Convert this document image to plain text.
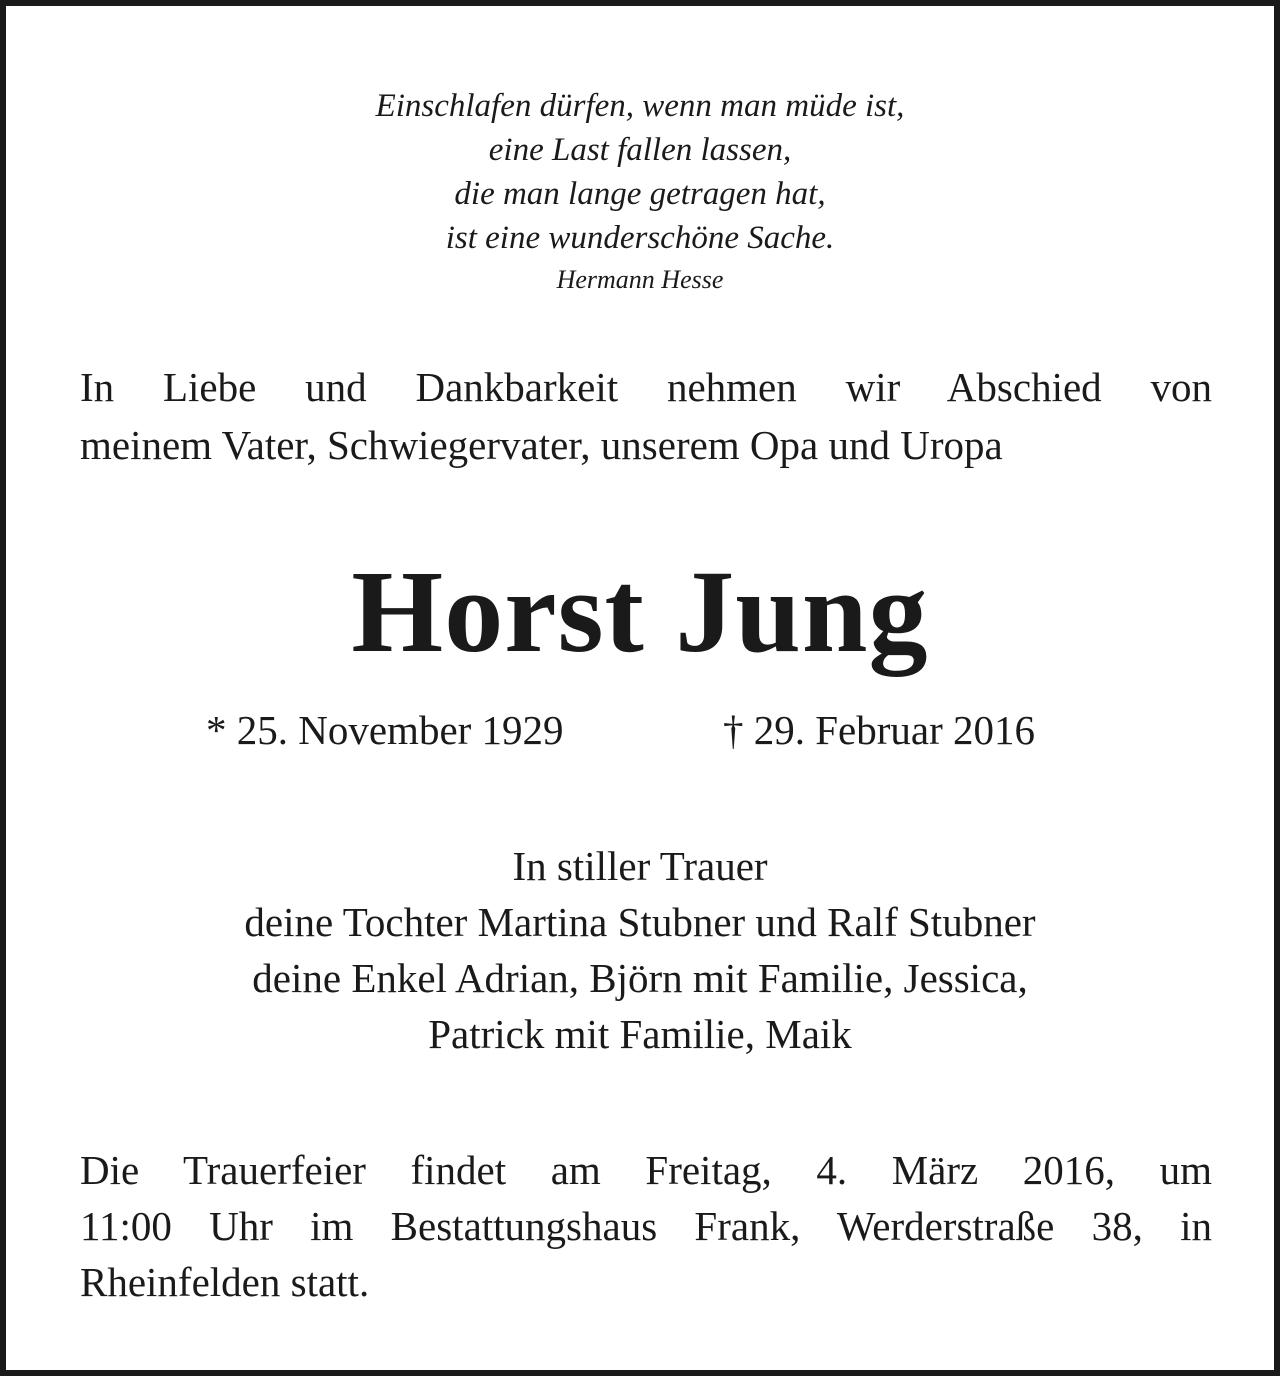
Einschlafen dürfen, wenn man müde ist,
eine Last fallen lassen,
die man lange getragen hat,
ist eine wunderschöne Sache.
Hermann Hesse
In Liebe und Dankbarkeit nehmen wir Abschied von
meinem Vater, Schwiegervater, unserem Opa und Uropa
Horst Jung
* 25. November 1929	† 29. Februar 2016
In stiller Trauer
deine Tochter Martina Stubner und Ralf Stubner
deine Enkel Adrian, Björn mit Familie, Jessica,
Patrick mit Familie, Maik
Die Trauerfeier findet am Freitag, 4. März 2016, um
11:00 Uhr im Bestattungshaus Frank, Werderstraße 38, in
Rheinfelden statt.
